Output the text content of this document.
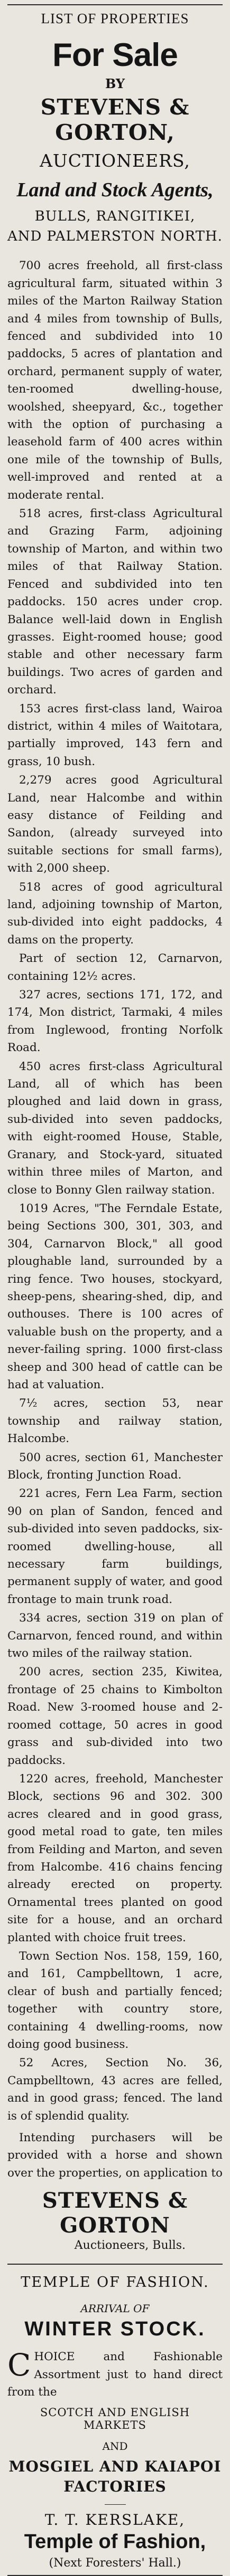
LIST OF PROPERTIES
For Sale
BY
STEVENS & GORTON,
AUCTIONEERS,
Land and Stock Agents,
BULLS, RANGITIKEI,
AND PALMERSTON NORTH.

700 acres freehold, all first-class agricultural farm, situated within 3 miles of the Marton Railway Station and 4 miles from township of Bulls, fenced and subdivided into 10 paddocks, 5 acres of plantation and orchard, permanent supply of water, ten-roomed dwelling-house, woolshed, sheepyard, &c., together with the option of purchasing a leasehold farm of 400 acres within one mile of the township of Bulls, well-improved and rented at a moderate rental.

518 acres, first-class Agricultural and Grazing Farm, adjoining township of Marton, and within two miles of that Railway Station. Fenced and subdivided into ten paddocks. 150 acres under crop. Balance well-laid down in English grasses. Eight-roomed house; good stable and other necessary farm buildings. Two acres of garden and orchard.

153 acres first-class land, Wairoa district, within 4 miles of Waitotara, partially improved, 143 fern and grass, 10 bush.

2,279 acres good Agricultural Land, near Halcombe and within easy distance of Feilding and Sandon, (already surveyed into suitable sections for small farms), with 2,000 sheep.

518 acres of good agricultural land, adjoining township of Marton, sub-divided into eight paddocks, 4 dams on the property.

Part of section 12, Carnarvon, containing 12½ acres.

327 acres, sections 171, 172, and 174, Mon district, Tarmaki, 4 miles from Inglewood, fronting Norfolk Road.

450 acres first-class Agricultural Land, all of which has been ploughed and laid down in grass, sub-divided into seven paddocks, with eight-roomed House, Stable, Granary, and Stock-yard, situated within three miles of Marton, and close to Bonny Glen railway station.

1019 Acres, "The Ferndale Estate, being Sections 300, 301, 303, and 304, Carnarvon Block," all good ploughable land, surrounded by a ring fence. Two houses, stockyard, sheep-pens, shearing-shed, dip, and outhouses. There is 100 acres of valuable bush on the property, and a never-failing spring. 1000 first-class sheep and 300 head of cattle can be had at valuation.

7½ acres, section 53, near township and railway station, Halcombe.

500 acres, section 61, Manchester Block, fronting Junction Road.

221 acres, Fern Lea Farm, section 90 on plan of Sandon, fenced and sub-divided into seven paddocks, six-roomed dwelling-house, all necessary farm buildings, permanent supply of water, and good frontage to main trunk road.

334 acres, section 319 on plan of Carnarvon, fenced round, and within two miles of the railway station.

200 acres, section 235, Kiwitea, frontage of 25 chains to Kimbolton Road. New 3-roomed house and 2-roomed cottage, 50 acres in good grass and sub-divided into two paddocks.

1220 acres, freehold, Manchester Block, sections 96 and 302. 300 acres cleared and in good grass, good metal road to gate, ten miles from Feilding and Marton, and seven from Halcombe. 416 chains fencing already erected on property. Ornamental trees planted on good site for a house, and an orchard planted with choice fruit trees.

Town Section Nos. 158, 159, 160, and 161, Campbelltown, 1 acre, clear of bush and partially fenced; together with country store, containing 4 dwelling-rooms, now doing good business.

52 Acres, Section No. 36, Campbelltown, 43 acres are felled, and in good grass; fenced. The land is of splendid quality.

Intending purchasers will be provided with a horse and shown over the properties, on application to

STEVENS & GORTON
Auctioneers, Bulls.
TEMPLE OF FASHION.
ARRIVAL OF
WINTER STOCK.
C HOICE and Fashionable Assortment just to hand direct from the
SCOTCH AND ENGLISH MARKETS
AND
MOSGIEL AND KAIAPOI FACTORIES
T. T. KERSLAKE,
Temple of Fashion,
(Next Foresters' Hall.)
